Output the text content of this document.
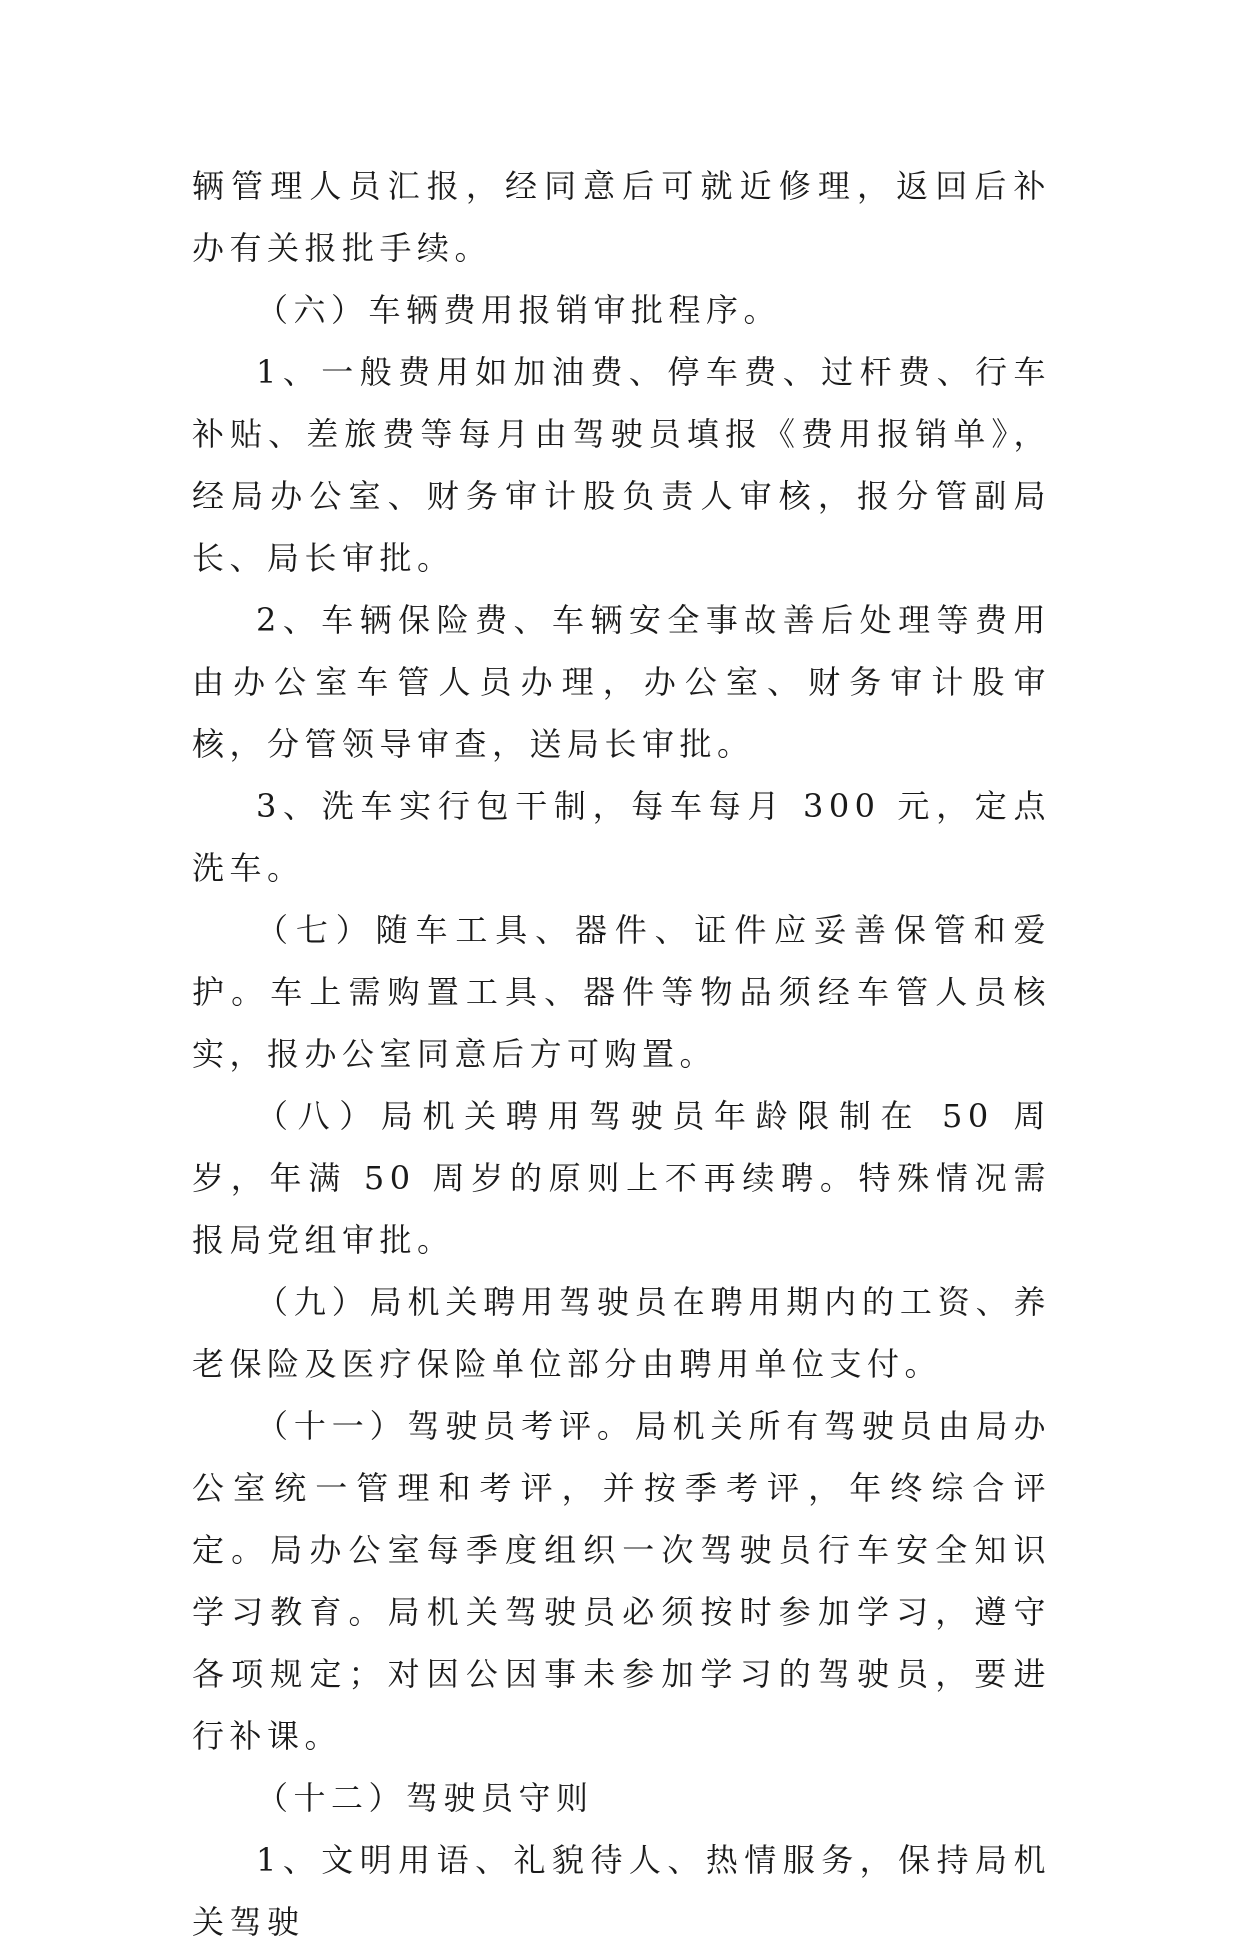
辆管理人员汇报，经同意后可就近修理，返回后补办有关报批手续。

（六）车辆费用报销审批程序。

1、一般费用如加油费、停车费、过杆费、行车补贴、差旅费等每月由驾驶员填报《费用报销单》，经局办公室、财务审计股负责人审核，报分管副局长、局长审批。

2、车辆保险费、车辆安全事故善后处理等费用由办公室车管人员办理，办公室、财务审计股审核，分管领导审查，送局长审批。

3、洗车实行包干制，每车每月 300 元，定点洗车。

（七）随车工具、器件、证件应妥善保管和爱护。车上需购置工具、器件等物品须经车管人员核实，报办公室同意后方可购置。

（八）局机关聘用驾驶员年龄限制在 50 周岁，年满 50 周岁的原则上不再续聘。特殊情况需报局党组审批。

（九）局机关聘用驾驶员在聘用期内的工资、养老保险及医疗保险单位部分由聘用单位支付。

（十一）驾驶员考评。局机关所有驾驶员由局办公室统一管理和考评，并按季考评，年终综合评定。局办公室每季度组织一次驾驶员行车安全知识学习教育。局机关驾驶员必须按时参加学习，遵守各项规定；对因公因事未参加学习的驾驶员，要进行补课。

（十二）驾驶员守则

1、文明用语、礼貌待人、热情服务，保持局机关驾驶
